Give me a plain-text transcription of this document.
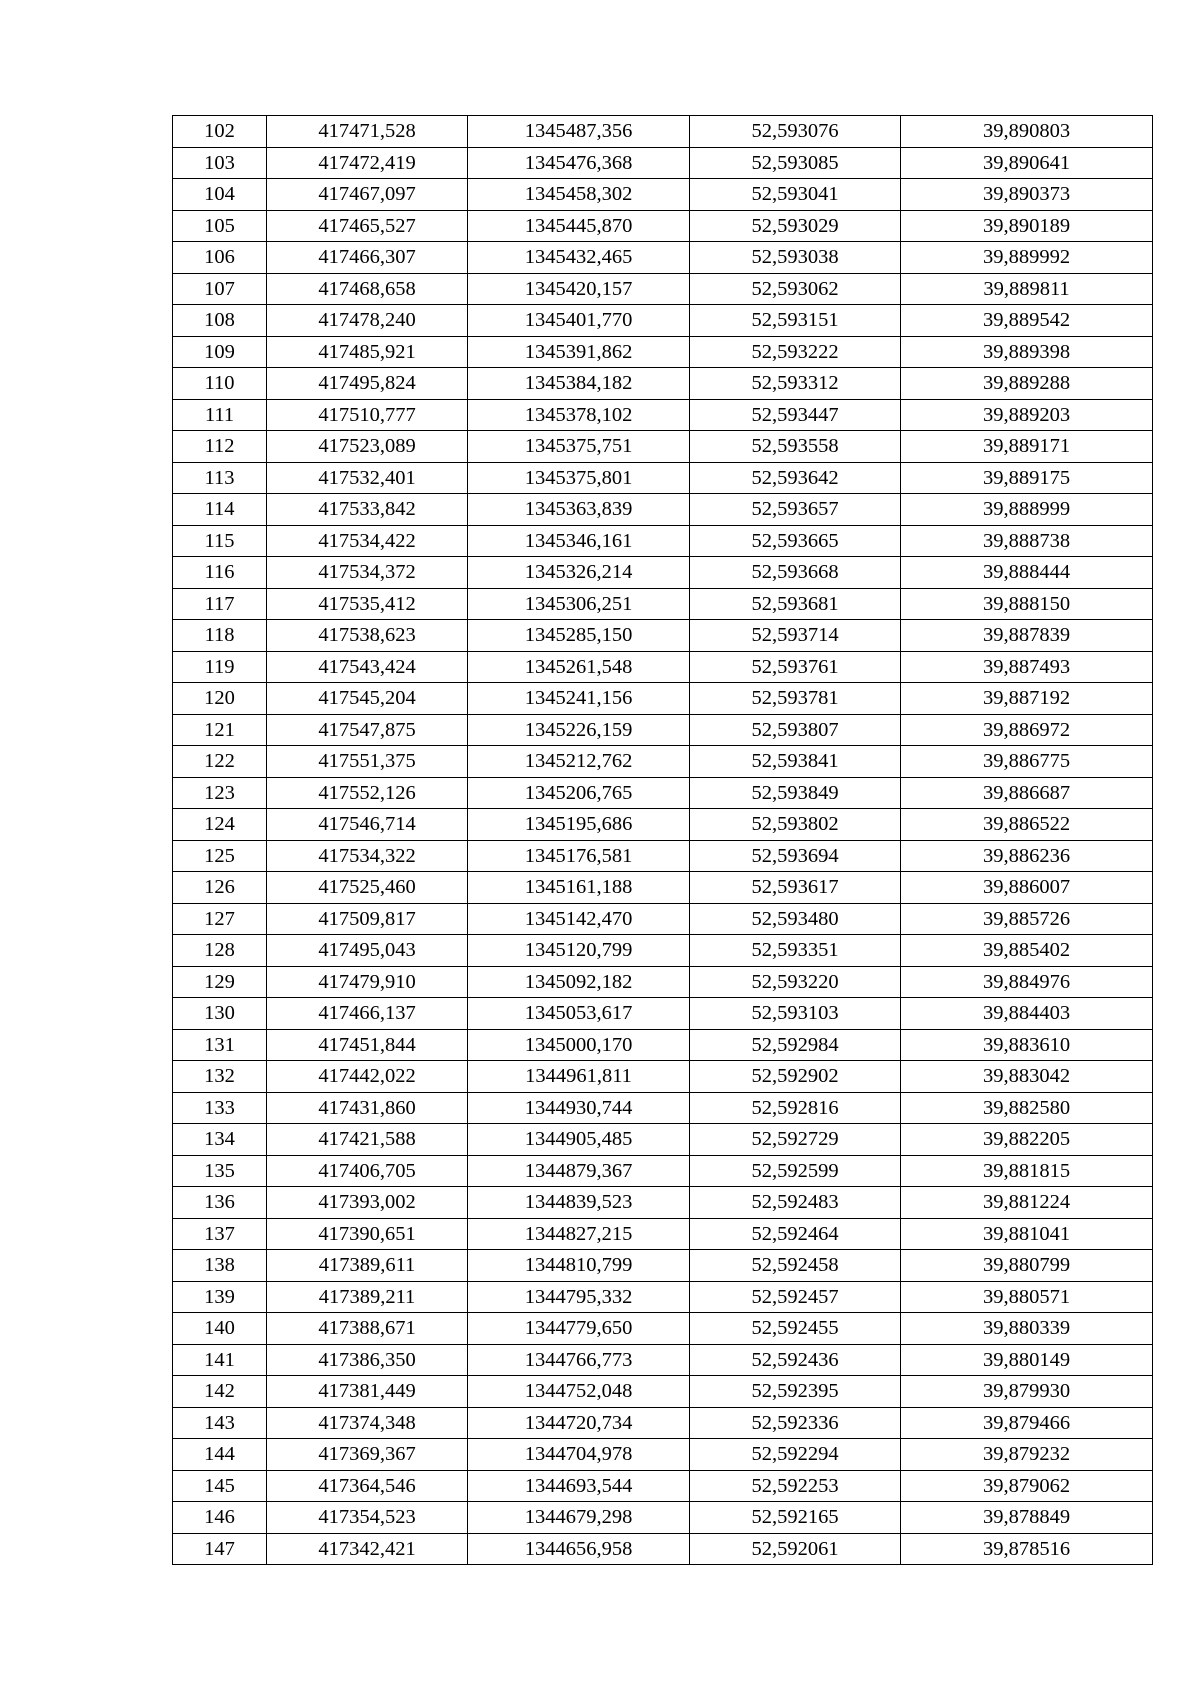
102	417471,528	1345487,356	52,593076	39,890803
103	417472,419	1345476,368	52,593085	39,890641
104	417467,097	1345458,302	52,593041	39,890373
105	417465,527	1345445,870	52,593029	39,890189
106	417466,307	1345432,465	52,593038	39,889992
107	417468,658	1345420,157	52,593062	39,889811
108	417478,240	1345401,770	52,593151	39,889542
109	417485,921	1345391,862	52,593222	39,889398
110	417495,824	1345384,182	52,593312	39,889288
111	417510,777	1345378,102	52,593447	39,889203
112	417523,089	1345375,751	52,593558	39,889171
113	417532,401	1345375,801	52,593642	39,889175
114	417533,842	1345363,839	52,593657	39,888999
115	417534,422	1345346,161	52,593665	39,888738
116	417534,372	1345326,214	52,593668	39,888444
117	417535,412	1345306,251	52,593681	39,888150
118	417538,623	1345285,150	52,593714	39,887839
119	417543,424	1345261,548	52,593761	39,887493
120	417545,204	1345241,156	52,593781	39,887192
121	417547,875	1345226,159	52,593807	39,886972
122	417551,375	1345212,762	52,593841	39,886775
123	417552,126	1345206,765	52,593849	39,886687
124	417546,714	1345195,686	52,593802	39,886522
125	417534,322	1345176,581	52,593694	39,886236
126	417525,460	1345161,188	52,593617	39,886007
127	417509,817	1345142,470	52,593480	39,885726
128	417495,043	1345120,799	52,593351	39,885402
129	417479,910	1345092,182	52,593220	39,884976
130	417466,137	1345053,617	52,593103	39,884403
131	417451,844	1345000,170	52,592984	39,883610
132	417442,022	1344961,811	52,592902	39,883042
133	417431,860	1344930,744	52,592816	39,882580
134	417421,588	1344905,485	52,592729	39,882205
135	417406,705	1344879,367	52,592599	39,881815
136	417393,002	1344839,523	52,592483	39,881224
137	417390,651	1344827,215	52,592464	39,881041
138	417389,611	1344810,799	52,592458	39,880799
139	417389,211	1344795,332	52,592457	39,880571
140	417388,671	1344779,650	52,592455	39,880339
141	417386,350	1344766,773	52,592436	39,880149
142	417381,449	1344752,048	52,592395	39,879930
143	417374,348	1344720,734	52,592336	39,879466
144	417369,367	1344704,978	52,592294	39,879232
145	417364,546	1344693,544	52,592253	39,879062
146	417354,523	1344679,298	52,592165	39,878849
147	417342,421	1344656,958	52,592061	39,878516
